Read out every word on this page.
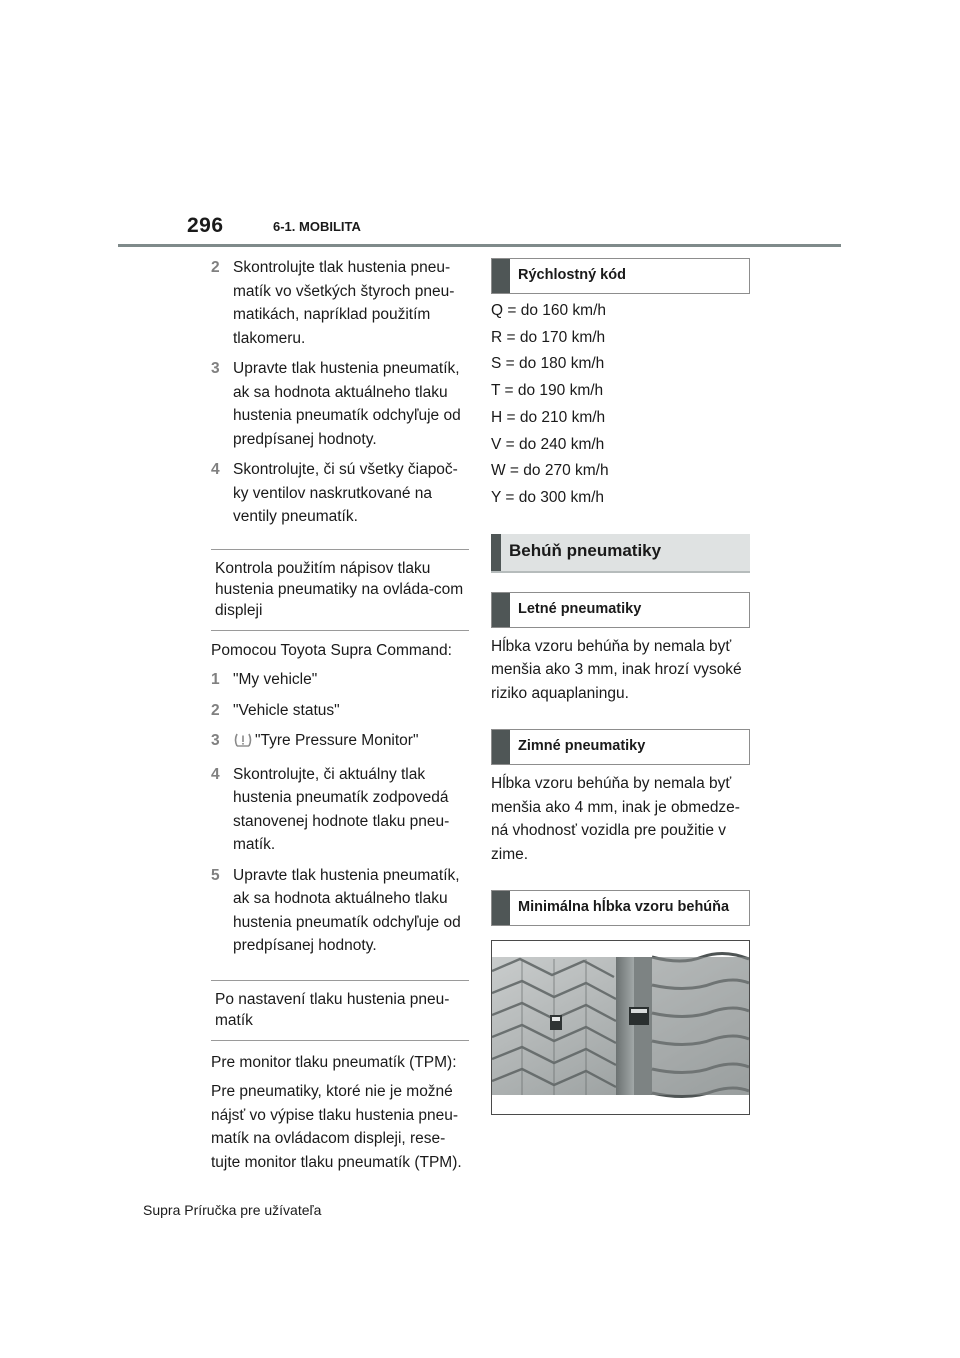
296	6-1. MOBILITA
2 Skontrolujte tlak hustenia pneu-matík vo všetkých štyroch pneu-matikách, napríklad použitím tlakomeru.
3 Upravte tlak hustenia pneumatík, ak sa hodnota aktuálneho tlaku hustenia pneumatík odchyľuje od predpísanej hodnoty.
4 Skontrolujte, či sú všetky čiapoč-ky ventilov naskrutkované na ventily pneumatík.
Kontrola použitím nápisov tlaku hustenia pneumatiky na ovláda-com displeji
Pomocou Toyota Supra Command:
1 "My vehicle"
2 "Vehicle status"
3 "Tyre Pressure Monitor"
4 Skontrolujte, či aktuálny tlak hustenia pneumatík zodpovedá stanovenej hodnote tlaku pneu-matík.
5 Upravte tlak hustenia pneumatík, ak sa hodnota aktuálneho tlaku hustenia pneumatík odchyľuje od predpísanej hodnoty.
Po nastavení tlaku hustenia pneu-matík
Pre monitor tlaku pneumatík (TPM):
Pre pneumatiky, ktoré nie je možné nájsť vo výpise tlaku hustenia pneu-matík na ovládacom displeji, rese-tujte monitor tlaku pneumatík (TPM).
Rýchlostný kód
Q = do 160 km/h
R = do 170 km/h
S = do 180 km/h
T = do 190 km/h
H = do 210 km/h
V = do 240 km/h
W = do 270 km/h
Y = do 300 km/h
Behúň pneumatiky
Letné pneumatiky
Hĺbka vzoru behúňa by nemala byť menšia ako 3 mm, inak hrozí vysoké riziko aquaplaningu.
Zimné pneumatiky
Hĺbka vzoru behúňa by nemala byť menšia ako 4 mm, inak je obmedze-ná vhodnosť vozidla pre použitie v zime.
Minimálna hĺbka vzoru behúňa
Supra Príručka pre užívateľa
